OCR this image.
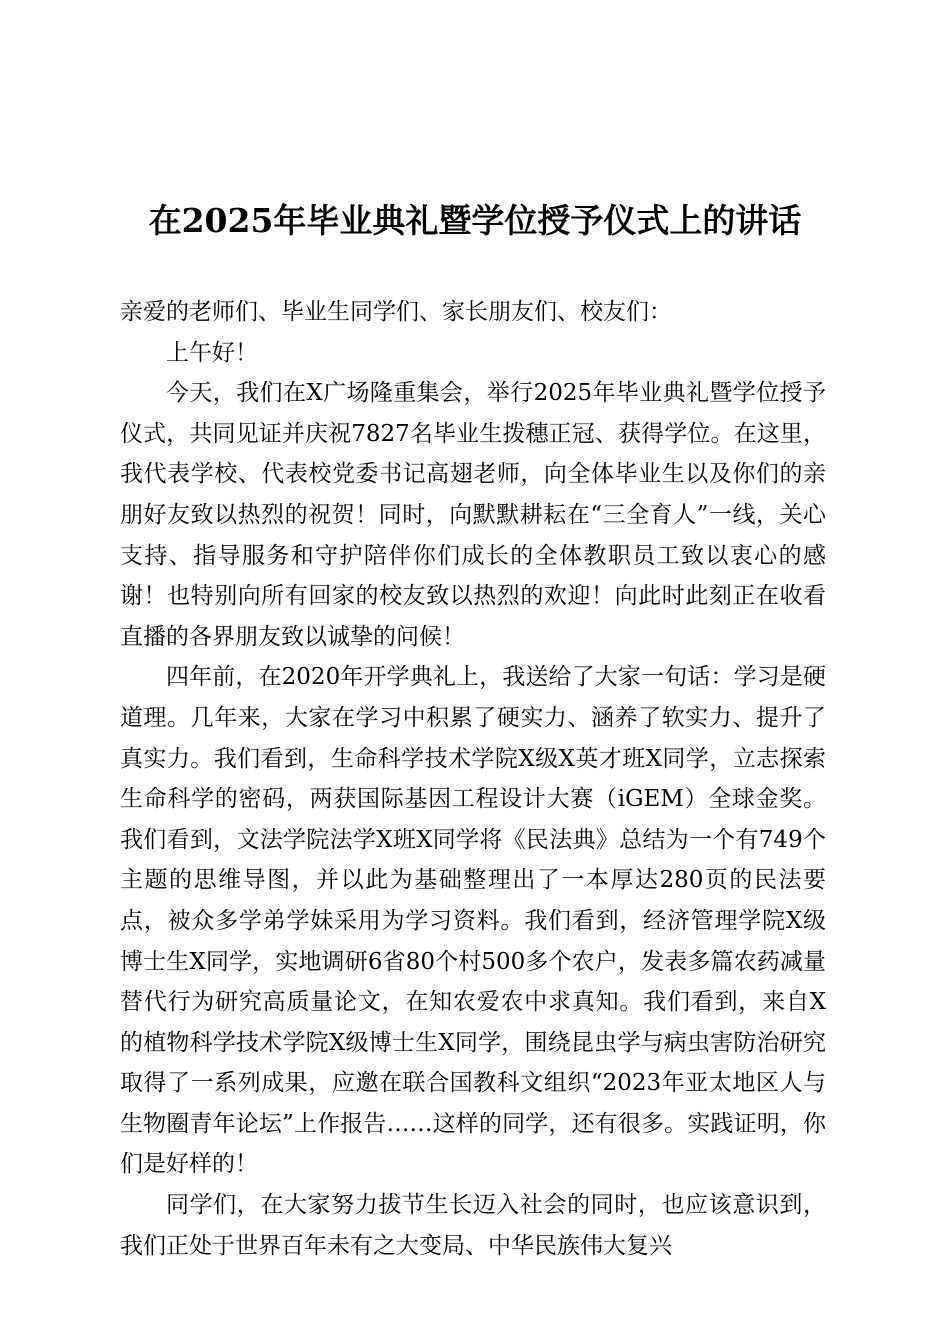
在2025年毕业典礼暨学位授予仪式上的讲话

亲爱的老师们、毕业生同学们、家长朋友们、校友们：

上午好！

今天，我们在X广场隆重集会，举行2025年毕业典礼暨学位授予仪式，共同见证并庆祝7827名毕业生拨穗正冠、获得学位。在这里，我代表学校、代表校党委书记高翅老师，向全体毕业生以及你们的亲朋好友致以热烈的祝贺！同时，向默默耕耘在“三全育人”一线，关心支持、指导服务和守护陪伴你们成长的全体教职员工致以衷心的感谢！也特别向所有回家的校友致以热烈的欢迎！向此时此刻正在收看直播的各界朋友致以诚挚的问候！

四年前，在2020年开学典礼上，我送给了大家一句话：学习是硬道理。几年来，大家在学习中积累了硬实力、涵养了软实力、提升了真实力。我们看到，生命科学技术学院X级X英才班X同学，立志探索生命科学的密码，两获国际基因工程设计大赛（iGEM）全球金奖。我们看到，文法学院法学X班X同学将《民法典》总结为一个有749个主题的思维导图，并以此为基础整理出了一本厚达280页的民法要点，被众多学弟学妹采用为学习资料。我们看到，经济管理学院X级博士生X同学，实地调研6省80个村500多个农户，发表多篇农药减量替代行为研究高质量论文，在知农爱农中求真知。我们看到，来自X的植物科学技术学院X级博士生X同学，围绕昆虫学与病虫害防治研究取得了一系列成果，应邀在联合国教科文组织“2023年亚太地区人与生物圈青年论坛”上作报告……这样的同学，还有很多。实践证明，你们是好样的！

同学们，在大家努力拔节生长迈入社会的同时，也应该意识到，我们正处于世界百年未有之大变局、中华民族伟大复兴
